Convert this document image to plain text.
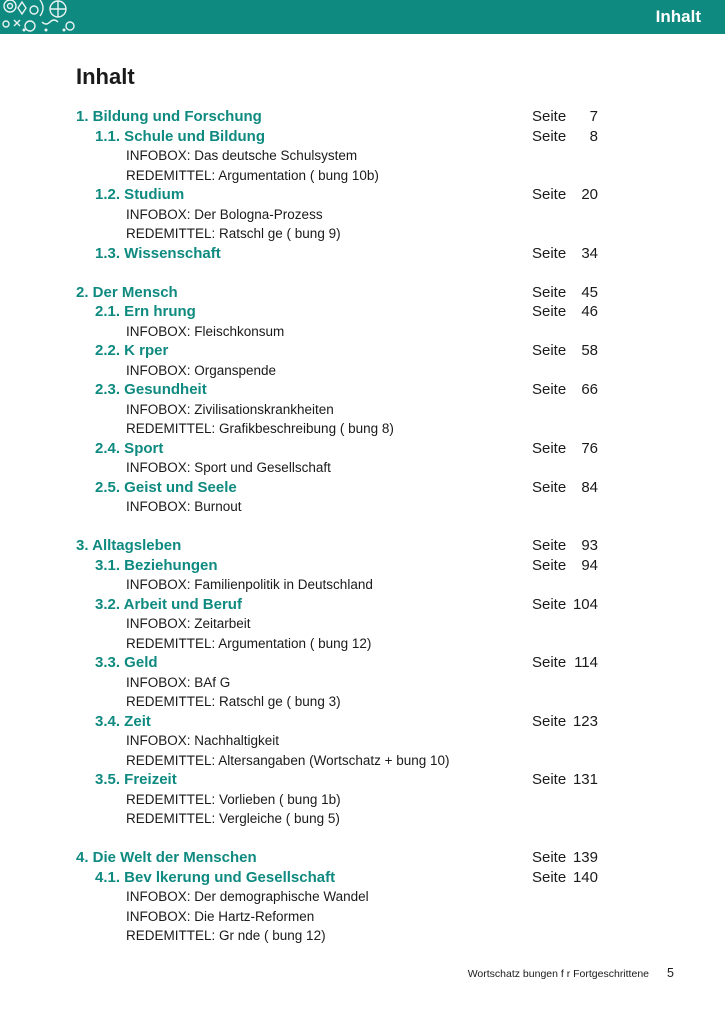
Inhalt
Inhalt
1. Bildung und Forschung	Seite 7
1.1. Schule und Bildung	Seite 8
INFOBOX: Das deutsche Schulsystem
REDEMITTEL: Argumentation ( bung 10b)
1.2. Studium	Seite 20
INFOBOX: Der Bologna-Prozess
REDEMITTEL: Ratschl ge ( bung 9)
1.3. Wissenschaft	Seite 34
2. Der Mensch	Seite 45
2.1. Ern hrung	Seite 46
INFOBOX: Fleischkonsum
2.2. K rper	Seite 58
INFOBOX: Organspende
2.3. Gesundheit	Seite 66
INFOBOX: Zivilisationskrankheiten
REDEMITTEL: Grafikbeschreibung ( bung 8)
2.4. Sport	Seite 76
INFOBOX: Sport und Gesellschaft
2.5. Geist und Seele	Seite 84
INFOBOX: Burnout
3. Alltagsleben	Seite 93
3.1. Beziehungen	Seite 94
INFOBOX: Familienpolitik in Deutschland
3.2. Arbeit und Beruf	Seite 104
INFOBOX: Zeitarbeit
REDEMITTEL: Argumentation ( bung 12)
3.3. Geld	Seite 114
INFOBOX: BAf G
REDEMITTEL: Ratschl ge ( bung 3)
3.4. Zeit	Seite 123
INFOBOX: Nachhaltigkeit
REDEMITTEL: Altersangaben (Wortschatz + bung 10)
3.5. Freizeit	Seite 131
REDEMITTEL: Vorlieben ( bung 1b)
REDEMITTEL: Vergleiche ( bung 5)
4. Die Welt der Menschen	Seite 139
4.1. Bev lkerung und Gesellschaft	Seite 140
INFOBOX: Der demographische Wandel
INFOBOX: Die Hartz-Reformen
REDEMITTEL: Gr nde ( bung 12)
Wortschatz bungen f r Fortgeschrittene 5
